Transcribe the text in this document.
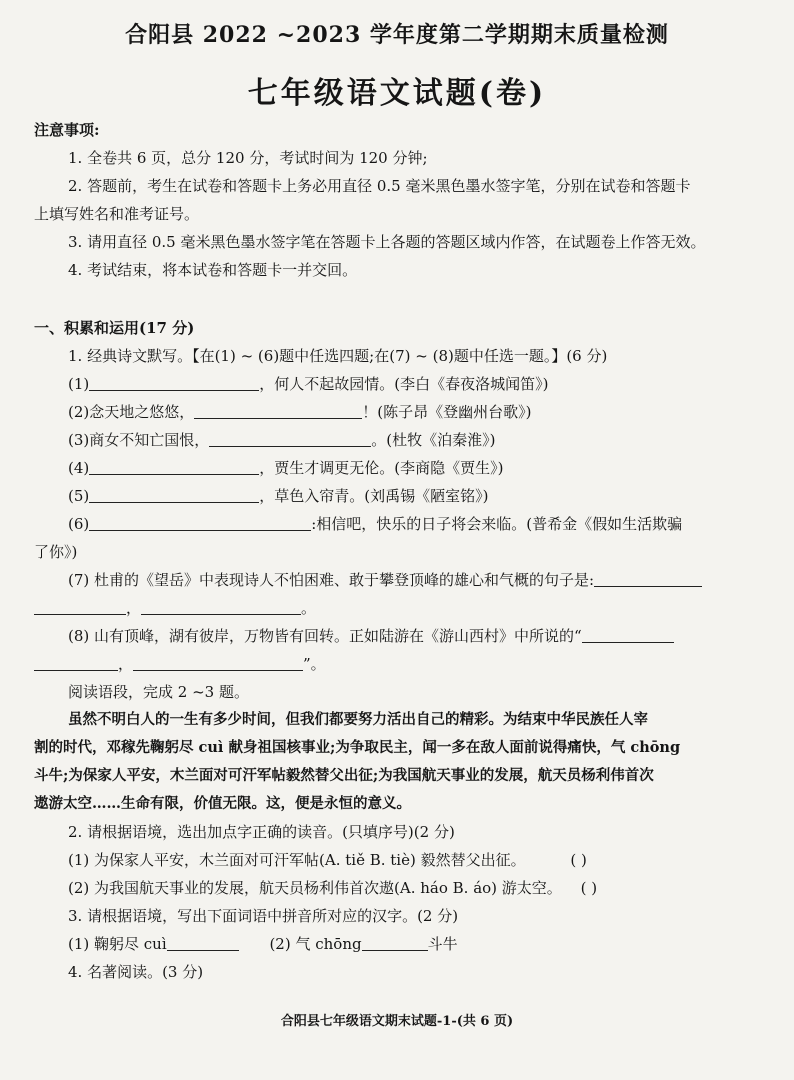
合阳县 2022 ~2023 学年度第二学期期末质量检测
七年级语文试题(卷)
注意事项:
1. 全卷共 6 页，总分 120 分，考试时间为 120 分钟;
2. 答题前，考生在试卷和答题卡上务必用直径 0.5 毫米黑色墨水签字笔，分别在试卷和答题卡
上填写姓名和准考证号。
3. 请用直径 0.5 毫米黑色墨水签字笔在答题卡上各题的答题区域内作答，在试题卷上作答无效。
4. 考试结束，将本试卷和答题卡一并交回。
一、积累和运用(17 分)
1. 经典诗文默写。【在(1) ~ (6)题中任选四题;在(7) ~ (8)题中任选一题。】(6 分)
(1)	，何人不起故园情。(李白《春夜洛城闻笛》)
(2)念天地之悠悠，	！(陈子昂《登幽州台歌》)
(3)商女不知亡国恨，	。(杜牧《泊秦淮》)
(4)	，贾生才调更无伦。(李商隐《贾生》)
(5)	，草色入帘青。(刘禹锡《陋室铭》)
(6)	:相信吧，快乐的日子将会来临。(普希金《假如生活欺骗
了你》)
(7) 杜甫的《望岳》中表现诗人不怕困难、敢于攀登顶峰的雄心和气概的句子是:
，	。
(8) 山有顶峰，湖有彼岸，万物皆有回转。正如陆游在《游山西村》中所说的“
，	”。
阅读语段，完成 2 ~3 题。
虽然不明白人的一生有多少时间，但我们都要努力活出自己的精彩。为结束中华民族任人宰
割的时代，邓稼先鞠躬尽 cuì 献身祖国核事业;为争取民主，闻一多在敌人面前说得痛快，气 chōng
斗牛;为保家人平安，木兰面对可汗军帖毅然替父出征;为我国航天事业的发展，航天员杨利伟首次
遨游太空……生命有限，价值无限。这，便是永恒的意义。
2. 请根据语境，选出加点字正确的读音。(只填序号)(2 分)
(1) 为保家人平安，木兰面对可汗军帖(A. tiě B. tiè) 毅然替父出征。	( )
(2) 为我国航天事业的发展，航天员杨利伟首次遨(A. háo B. áo) 游太空。 ( )
3. 请根据语境，写出下面词语中拼音所对应的汉字。(2 分)
(1) 鞠躬尽 cuì	(2) 气 chōng	斗牛
4. 名著阅读。(3 分)
合阳县七年级语文期末试题-1-(共 6 页)
